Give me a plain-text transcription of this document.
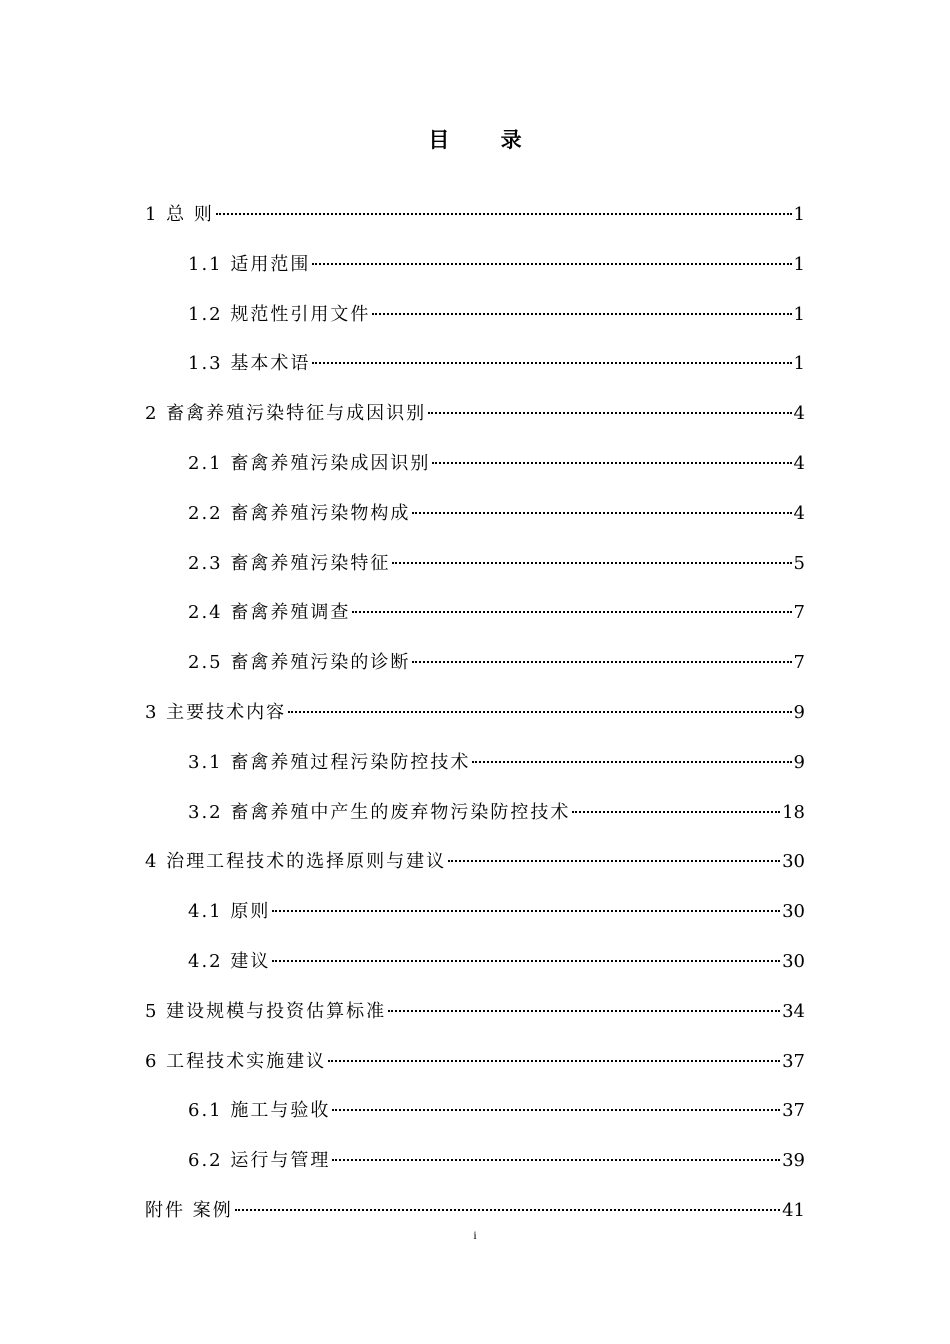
目 录
1 总 则	1
1.1 适用范围	1
1.2 规范性引用文件	1
1.3 基本术语	1
2 畜禽养殖污染特征与成因识别	4
2.1 畜禽养殖污染成因识别	4
2.2 畜禽养殖污染物构成	4
2.3 畜禽养殖污染特征	5
2.4 畜禽养殖调查	7
2.5 畜禽养殖污染的诊断	7
3 主要技术内容	9
3.1 畜禽养殖过程污染防控技术	9
3.2 畜禽养殖中产生的废弃物污染防控技术	18
4 治理工程技术的选择原则与建议	30
4.1 原则	30
4.2 建议	30
5 建设规模与投资估算标准	34
6 工程技术实施建议	37
6.1 施工与验收	37
6.2 运行与管理	39
附件 案例	41
i
